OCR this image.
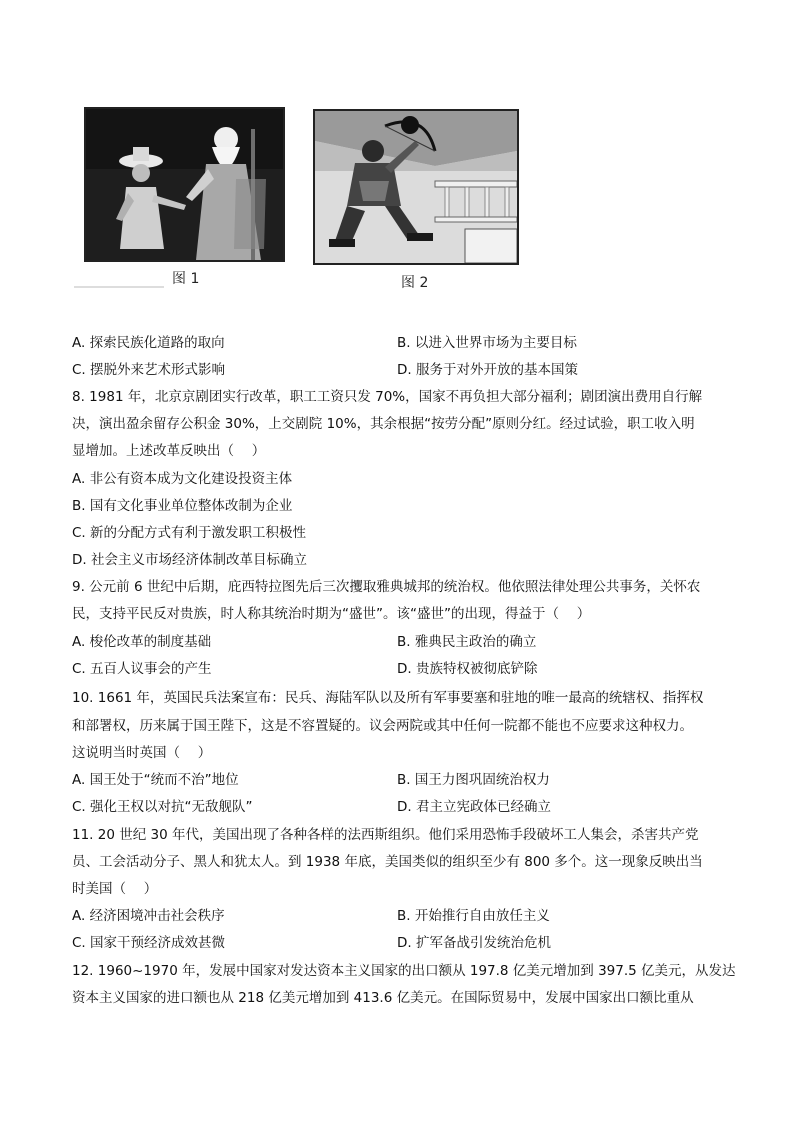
图 1	图 2
A. 探索民族化道路的取向	B. 以进入世界市场为主要目标
C. 摆脱外来艺术形式影响	D. 服务于对外开放的基本国策
8. 1981 年，北京京剧团实行改革，职工工资只发 70%，国家不再负担大部分福利；剧团演出费用自行解
决，演出盈余留存公积金 30%，上交剧院 10%，其余根据“按劳分配”原则分红。经过试验，职工收入明
显增加。上述改革反映出（　 ）
A. 非公有资本成为文化建设投资主体
B. 国有文化事业单位整体改制为企业
C. 新的分配方式有利于激发职工积极性
D. 社会主义市场经济体制改革目标确立
9. 公元前 6 世纪中后期，庇西特拉图先后三次攫取雅典城邦的统治权。他依照法律处理公共事务，关怀农
民，支持平民反对贵族，时人称其统治时期为“盛世”。该“盛世”的出现，得益于（　 ）
A. 梭伦改革的制度基础	B. 雅典民主政治的确立
C. 五百人议事会的产生	D. 贵族特权被彻底铲除
10. 1661 年，英国民兵法案宣布：民兵、海陆军队以及所有军事要塞和驻地的唯一最高的统辖权、指挥权
和部署权，历来属于国王陛下，这是不容置疑的。议会两院或其中任何一院都不能也不应要求这种权力。
这说明当时英国（　 ）
A. 国王处于“统而不治”地位	B. 国王力图巩固统治权力
C. 强化王权以对抗“无敌舰队”	D. 君主立宪政体已经确立
11. 20 世纪 30 年代，美国出现了各种各样的法西斯组织。他们采用恐怖手段破坏工人集会，杀害共产党
员、工会活动分子、黑人和犹太人。到 1938 年底，美国类似的组织至少有 800 多个。这一现象反映出当
时美国（　 ）
A. 经济困境冲击社会秩序	B. 开始推行自由放任主义
C. 国家干预经济成效甚微	D. 扩军备战引发统治危机
12. 1960~1970 年，发展中国家对发达资本主义国家的出口额从 197.8 亿美元增加到 397.5 亿美元，从发达
资本主义国家的进口额也从 218 亿美元增加到 413.6 亿美元。在国际贸易中，发展中国家出口额比重从
